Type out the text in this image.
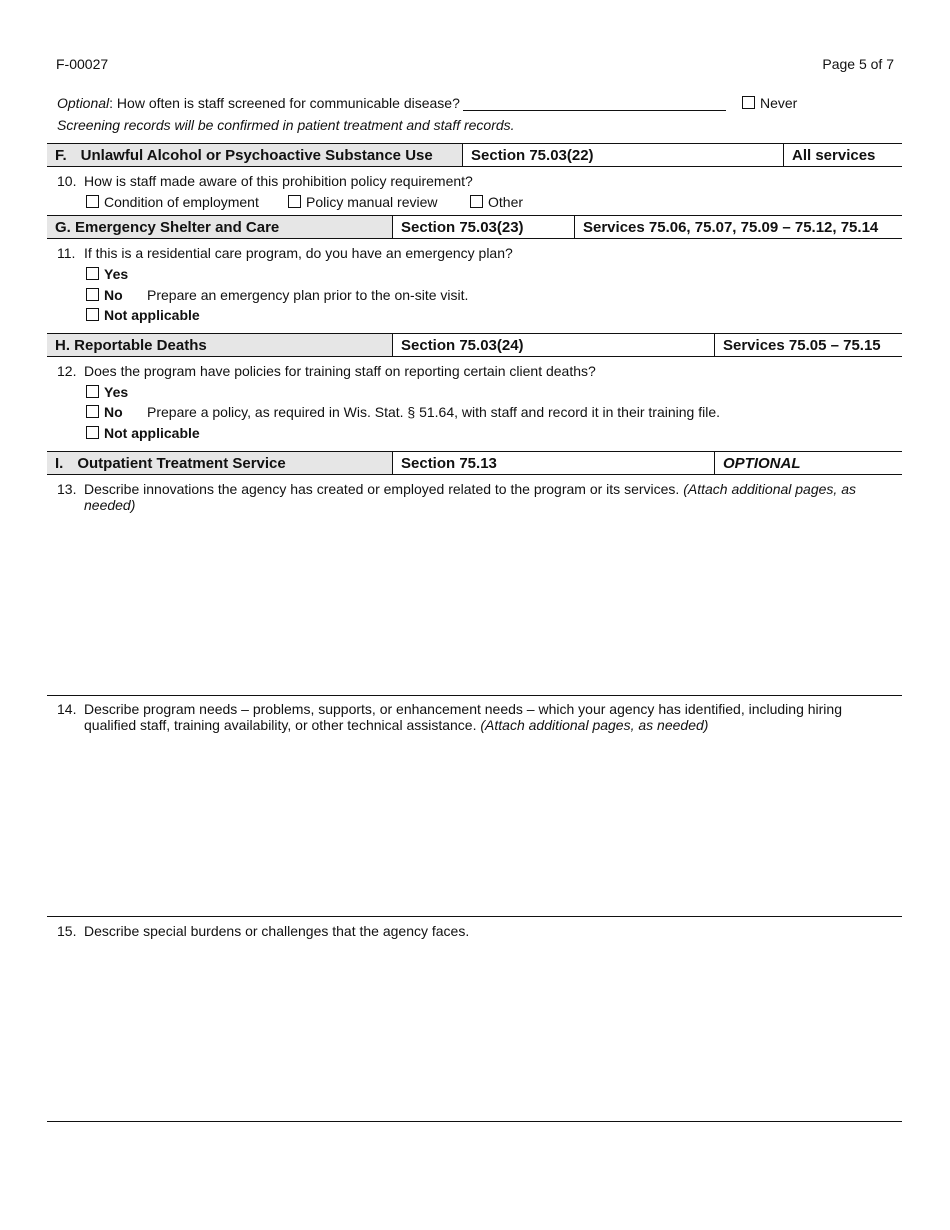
F-00027	Page 5 of 7
Optional: How often is staff screened for communicable disease?	Never
Screening records will be confirmed in patient treatment and staff records.
F. Unlawful Alcohol or Psychoactive Substance Use	Section 75.03(22)	All services
10. How is staff made aware of this prohibition policy requirement?
Condition of employment	Policy manual review	Other
G. Emergency Shelter and Care	Section 75.03(23)	Services 75.06, 75.07, 75.09 – 75.12, 75.14
11. If this is a residential care program, do you have an emergency plan?
Yes
No Prepare an emergency plan prior to the on-site visit.
Not applicable
H. Reportable Deaths	Section 75.03(24)	Services 75.05 – 75.15
12. Does the program have policies for training staff on reporting certain client deaths?
Yes
No Prepare a policy, as required in Wis. Stat. § 51.64, with staff and record it in their training file.
Not applicable
I. Outpatient Treatment Service	Section 75.13	OPTIONAL
13. Describe innovations the agency has created or employed related to the program or its services. (Attach additional pages, as
needed)
14. Describe program needs – problems, supports, or enhancement needs – which your agency has identified, including hiring
qualified staff, training availability, or other technical assistance. (Attach additional pages, as needed)
15. Describe special burdens or challenges that the agency faces.
